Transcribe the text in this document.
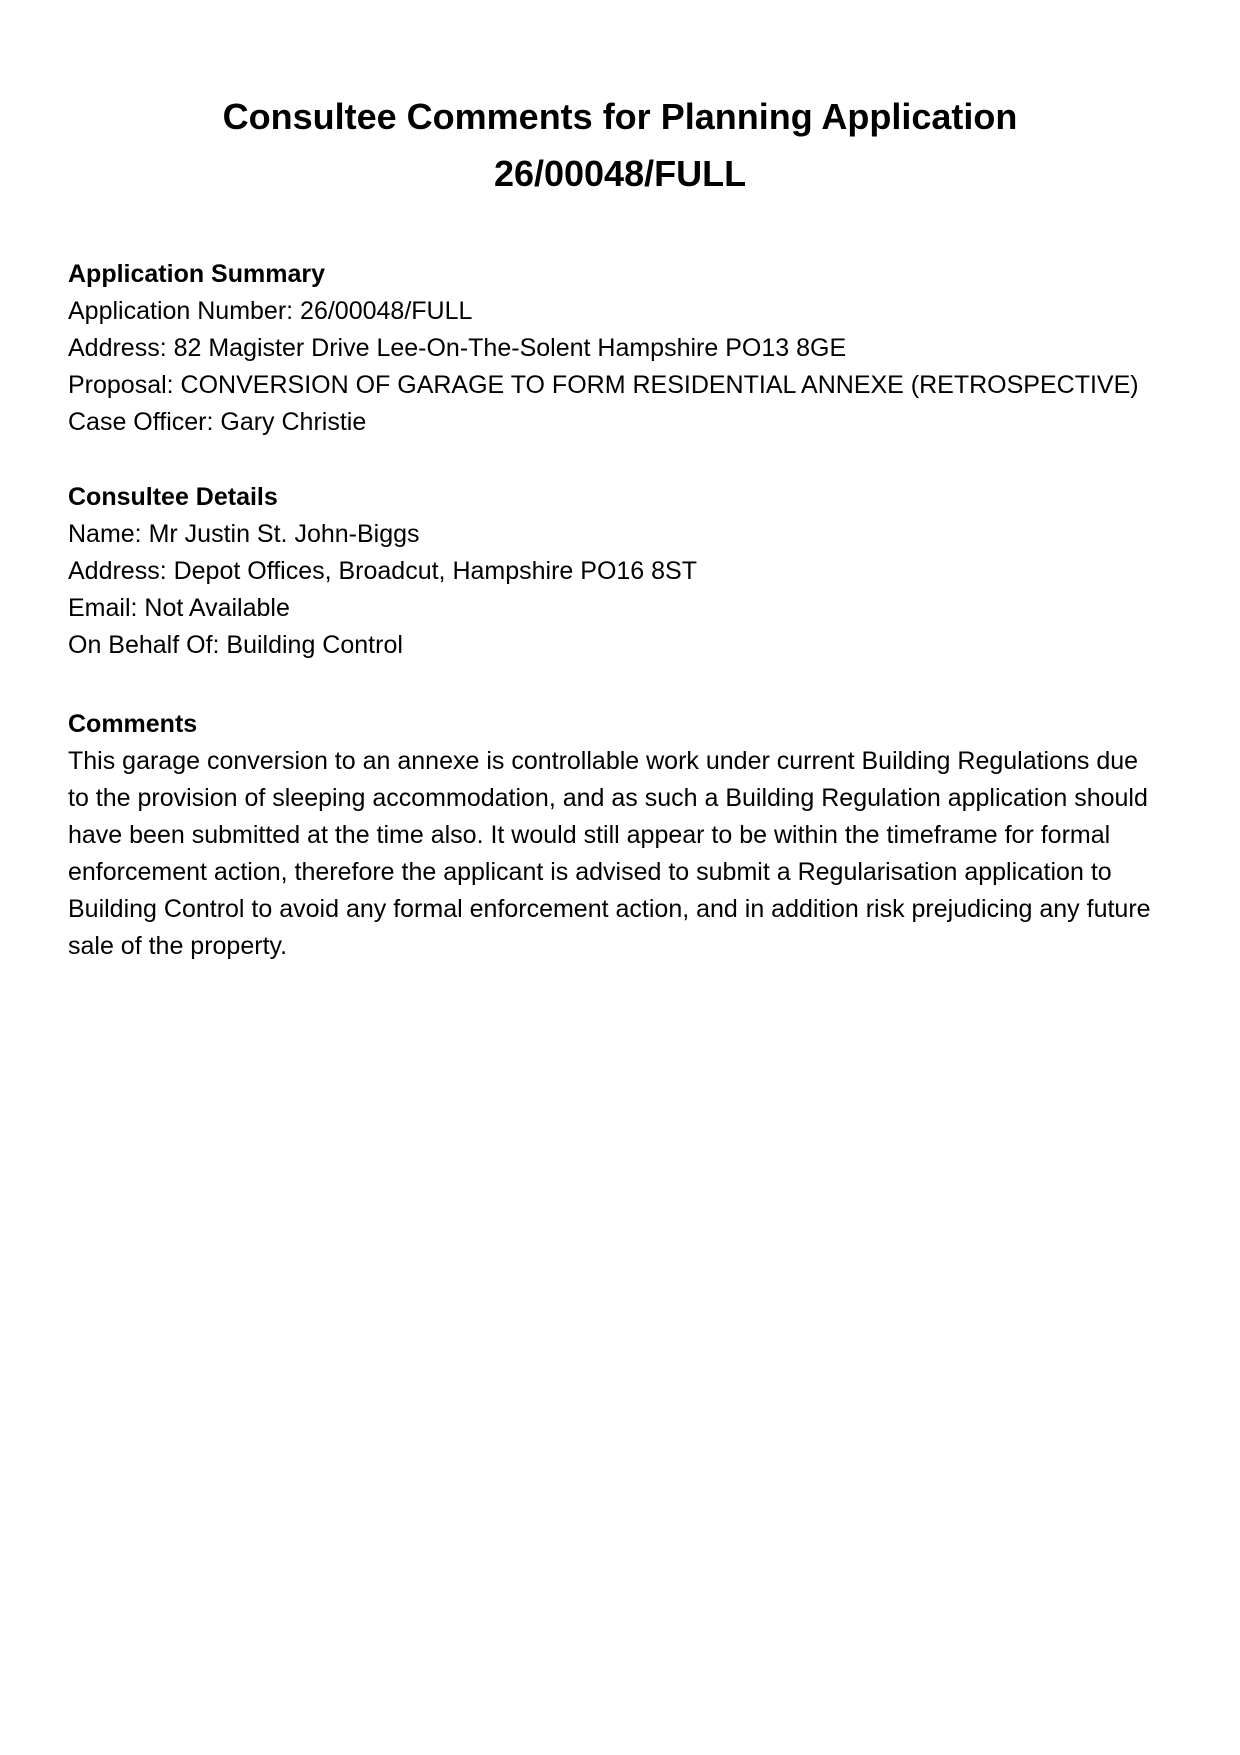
Consultee Comments for Planning Application
26/00048/FULL
Application Summary
Application Number: 26/00048/FULL
Address: 82 Magister Drive Lee-On-The-Solent Hampshire PO13 8GE
Proposal: CONVERSION OF GARAGE TO FORM RESIDENTIAL ANNEXE (RETROSPECTIVE)
Case Officer: Gary Christie
Consultee Details
Name: Mr Justin St. John-Biggs
Address: Depot Offices, Broadcut, Hampshire PO16 8ST
Email: Not Available
On Behalf Of: Building Control
Comments

This garage conversion to an annexe is controllable work under current Building Regulations due to the provision of sleeping accommodation, and as such a Building Regulation application should have been submitted at the time also. It would still appear to be within the timeframe for formal enforcement action, therefore the applicant is advised to submit a Regularisation application to Building Control to avoid any formal enforcement action, and in addition risk prejudicing any future sale of the property.
